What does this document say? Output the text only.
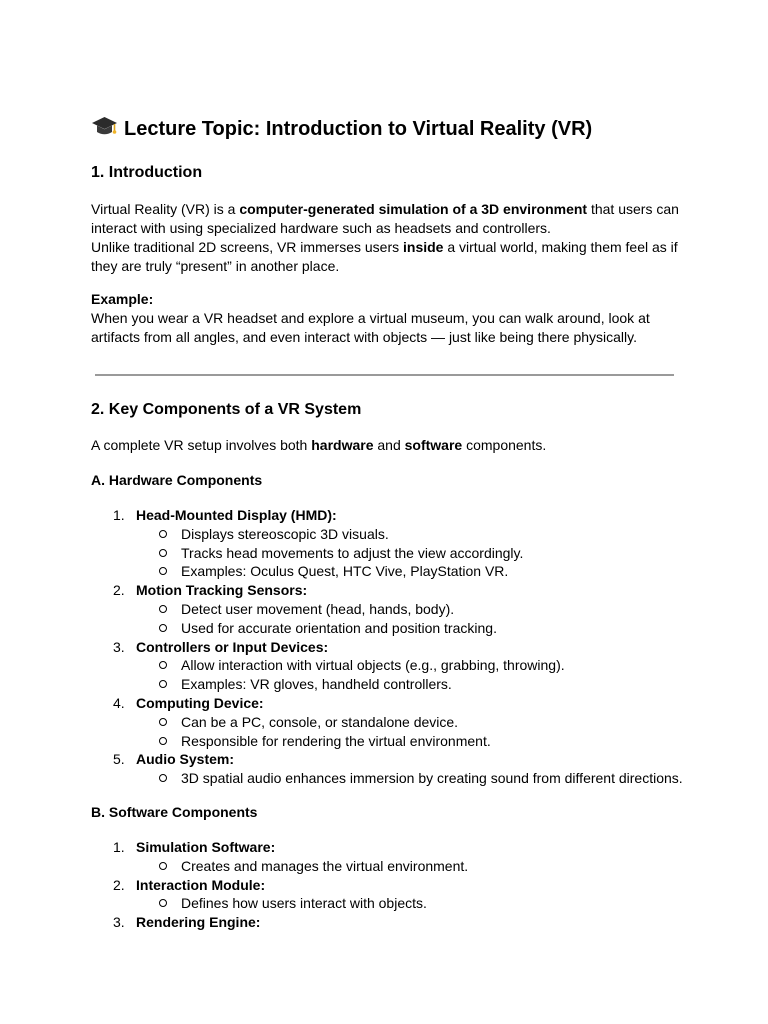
Lecture Topic: Introduction to Virtual Reality (VR)
1. Introduction

Virtual Reality (VR) is a computer-generated simulation of a 3D environment that users can
interact with using specialized hardware such as headsets and controllers.
Unlike traditional 2D screens, VR immerses users inside a virtual world, making them feel as if
they are truly “present” in another place.

Example:
When you wear a VR headset and explore a virtual museum, you can walk around, look at
artifacts from all angles, and even interact with objects — just like being there physically.

2. Key Components of a VR System

A complete VR setup involves both hardware and software components.

A. Hardware Components
1. Head-Mounted Display (HMD):
Displays stereoscopic 3D visuals.
Tracks head movements to adjust the view accordingly.
Examples: Oculus Quest, HTC Vive, PlayStation VR.
2. Motion Tracking Sensors:
Detect user movement (head, hands, body).
Used for accurate orientation and position tracking.
3. Controllers or Input Devices:
Allow interaction with virtual objects (e.g., grabbing, throwing).
Examples: VR gloves, handheld controllers.
4. Computing Device:
Can be a PC, console, or standalone device.
Responsible for rendering the virtual environment.
5. Audio System:
3D spatial audio enhances immersion by creating sound from different directions.
B. Software Components
1. Simulation Software:
Creates and manages the virtual environment.
2. Interaction Module:
Defines how users interact with objects.
3. Rendering Engine:
